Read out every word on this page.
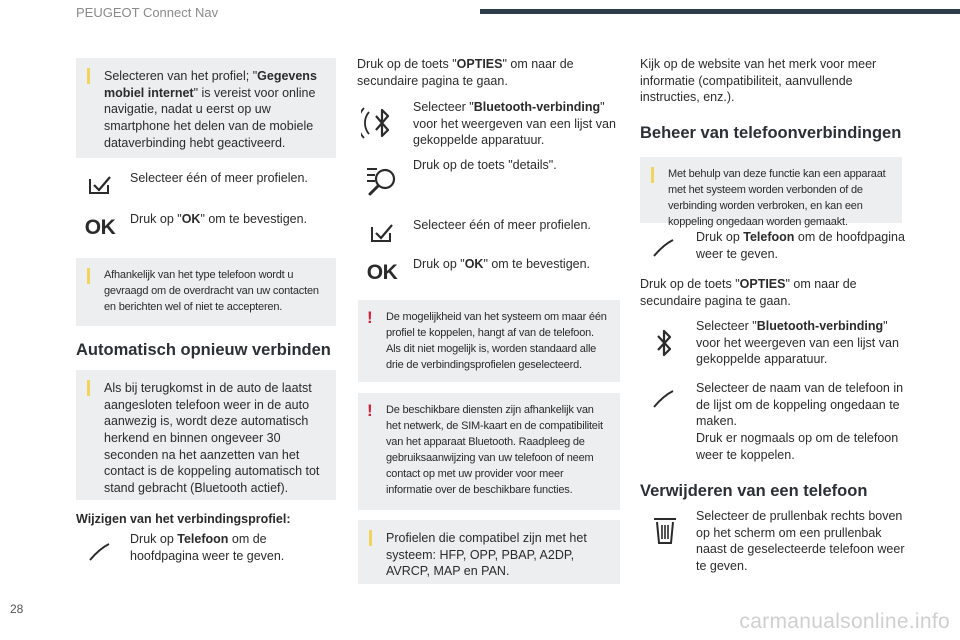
PEUGEOT Connect Nav
Selecteren van het profiel; "Gegevens mobiel internet" is vereist voor online navigatie, nadat u eerst op uw smartphone het delen van de mobiele dataverbinding hebt geactiveerd.
Selecteer één of meer profielen.
OK	Druk op "OK" om te bevestigen.
Afhankelijk van het type telefoon wordt u gevraagd om de overdracht van uw contacten en berichten wel of niet te accepteren.
Automatisch opnieuw verbinden
Als bij terugkomst in de auto de laatst aangesloten telefoon weer in de auto aanwezig is, wordt deze automatisch herkend en binnen ongeveer 30 seconden na het aanzetten van het contact is de koppeling automatisch tot stand gebracht (Bluetooth actief).
Wijzigen van het verbindingsprofiel:
Druk op Telefoon om de hoofdpagina weer te geven.
Druk op de toets "OPTIES" om naar de secundaire pagina te gaan.
Selecteer "Bluetooth-verbinding" voor het weergeven van een lijst van gekoppelde apparatuur.
Druk op de toets "details".
Selecteer één of meer profielen.
OK	Druk op "OK" om te bevestigen.
! De mogelijkheid van het systeem om maar één profiel te koppelen, hangt af van de telefoon. Als dit niet mogelijk is, worden standaard alle drie de verbindingsprofielen geselecteerd.
! De beschikbare diensten zijn afhankelijk van het netwerk, de SIM-kaart en de compatibiliteit van het apparaat Bluetooth. Raadpleeg de gebruiksaanwijzing van uw telefoon of neem contact op met uw provider voor meer informatie over de beschikbare functies.
Profielen die compatibel zijn met het systeem: HFP, OPP, PBAP, A2DP, AVRCP, MAP en PAN.
Kijk op de website van het merk voor meer informatie (compatibiliteit, aanvullende instructies, enz.).
Beheer van telefoonverbindingen
Met behulp van deze functie kan een apparaat met het systeem worden verbonden of de verbinding worden verbroken, en kan een koppeling ongedaan worden gemaakt.
Druk op Telefoon om de hoofdpagina weer te geven.
Druk op de toets "OPTIES" om naar de secundaire pagina te gaan.
Selecteer "Bluetooth-verbinding" voor het weergeven van een lijst van gekoppelde apparatuur.
Selecteer de naam van de telefoon in de lijst om de koppeling ongedaan te maken.
Druk er nogmaals op om de telefoon weer te koppelen.
Verwijderen van een telefoon
Selecteer de prullenbak rechts boven op het scherm om een prullenbak naast de geselecteerde telefoon weer te geven.
28
carmanualsonline.info
